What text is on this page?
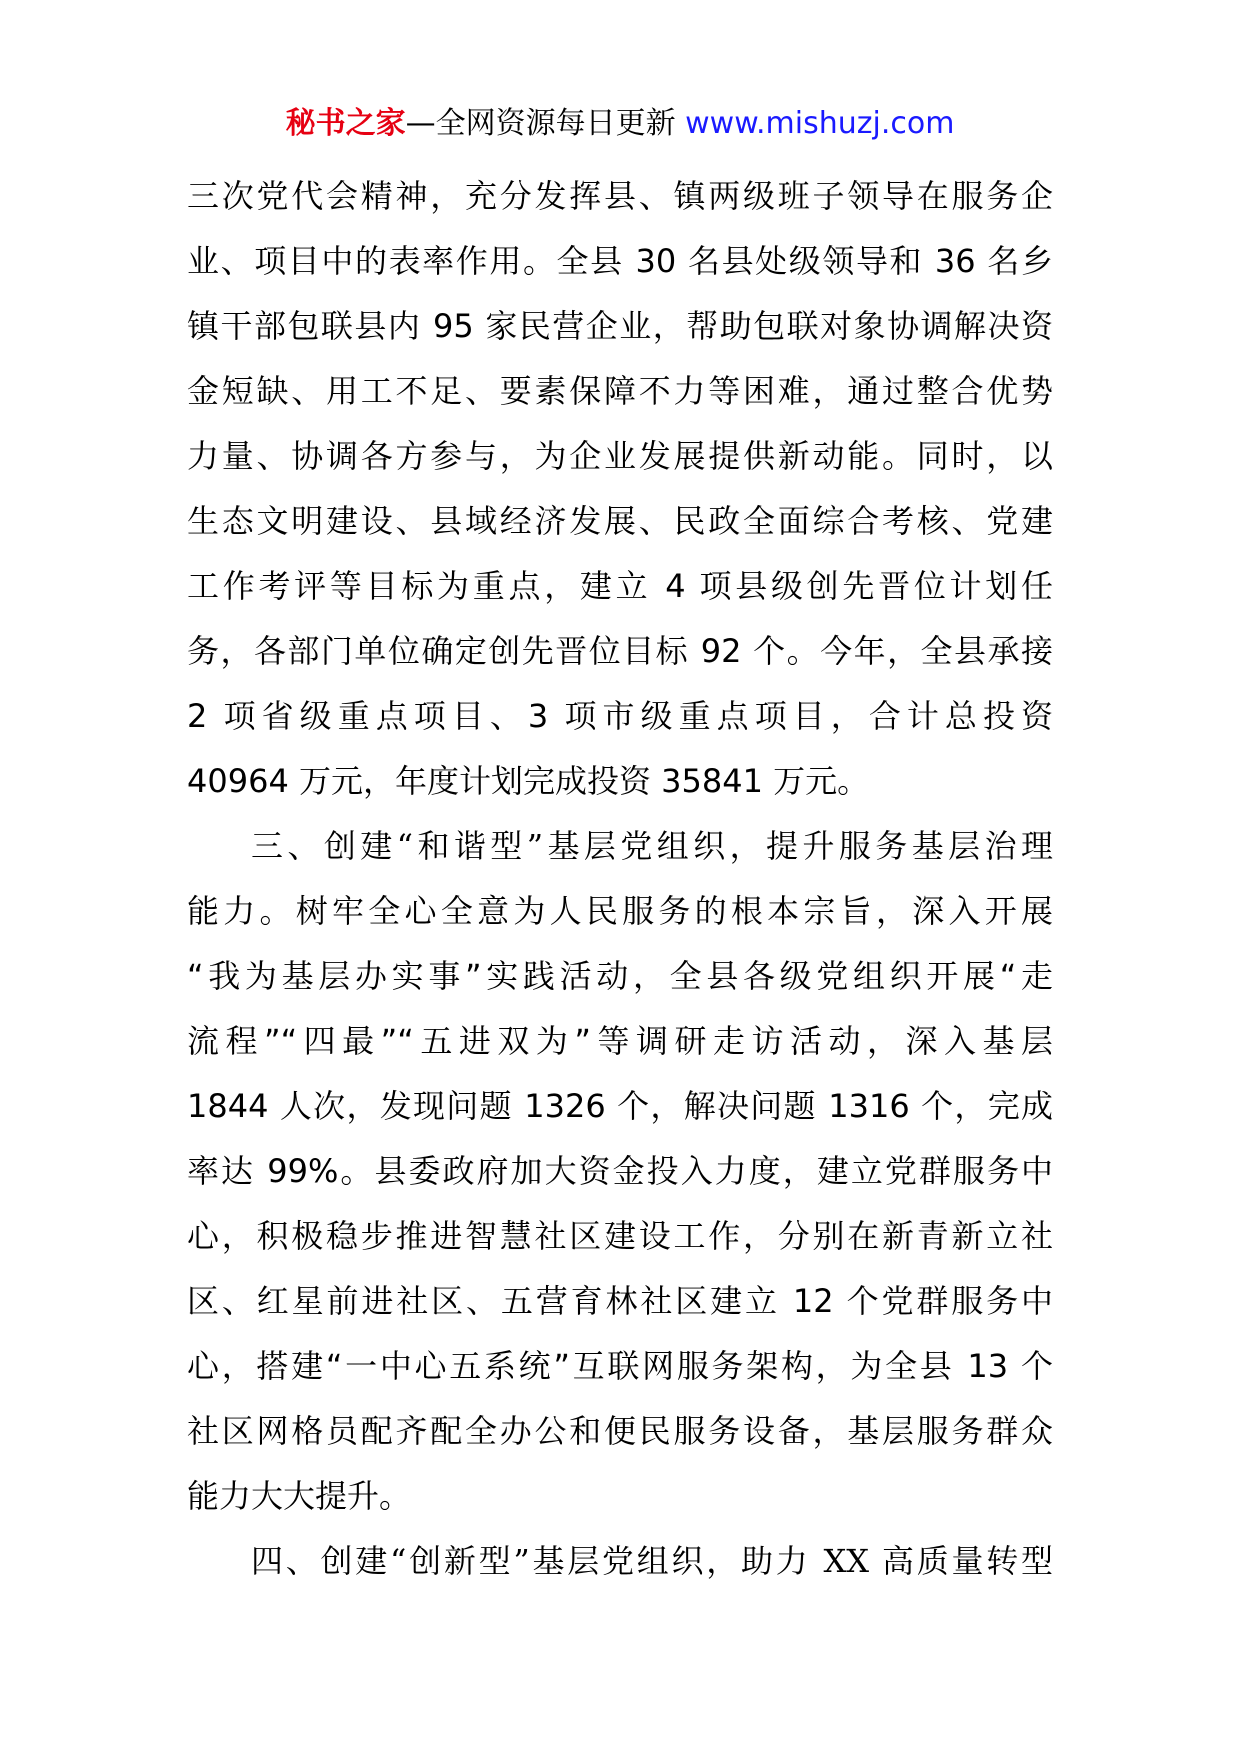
秘书之家—全网资源每日更新 www.mishuzj.com
三次党代会精神，充分发挥县、镇两级班子领导在服务企
业、项目中的表率作用。全县 30 名县处级领导和 36 名乡
镇干部包联县内 95 家民营企业，帮助包联对象协调解决资
金短缺、用工不足、要素保障不力等困难，通过整合优势
力量、协调各方参与，为企业发展提供新动能。同时，以
生态文明建设、县域经济发展、民政全面综合考核、党建
工作考评等目标为重点，建立 4 项县级创先晋位计划任
务，各部门单位确定创先晋位目标 92 个。今年，全县承接
2 项省级重点项目、3 项市级重点项目，合计总投资
40964 万元，年度计划完成投资 35841 万元。
三、创建“和谐型”基层党组织，提升服务基层治理
能力。树牢全心全意为人民服务的根本宗旨，深入开展
“我为基层办实事”实践活动，全县各级党组织开展“走
流程”“四最”“五进双为”等调研走访活动，深入基层
1844 人次，发现问题 1326 个，解决问题 1316 个，完成
率达 99%。县委政府加大资金投入力度，建立党群服务中
心，积极稳步推进智慧社区建设工作，分别在新青新立社
区、红星前进社区、五营育林社区建立 12 个党群服务中
心，搭建“一中心五系统”互联网服务架构，为全县 13 个
社区网格员配齐配全办公和便民服务设备，基层服务群众
能力大大提升。
四、创建“创新型”基层党组织，助力 XX 高质量转型
